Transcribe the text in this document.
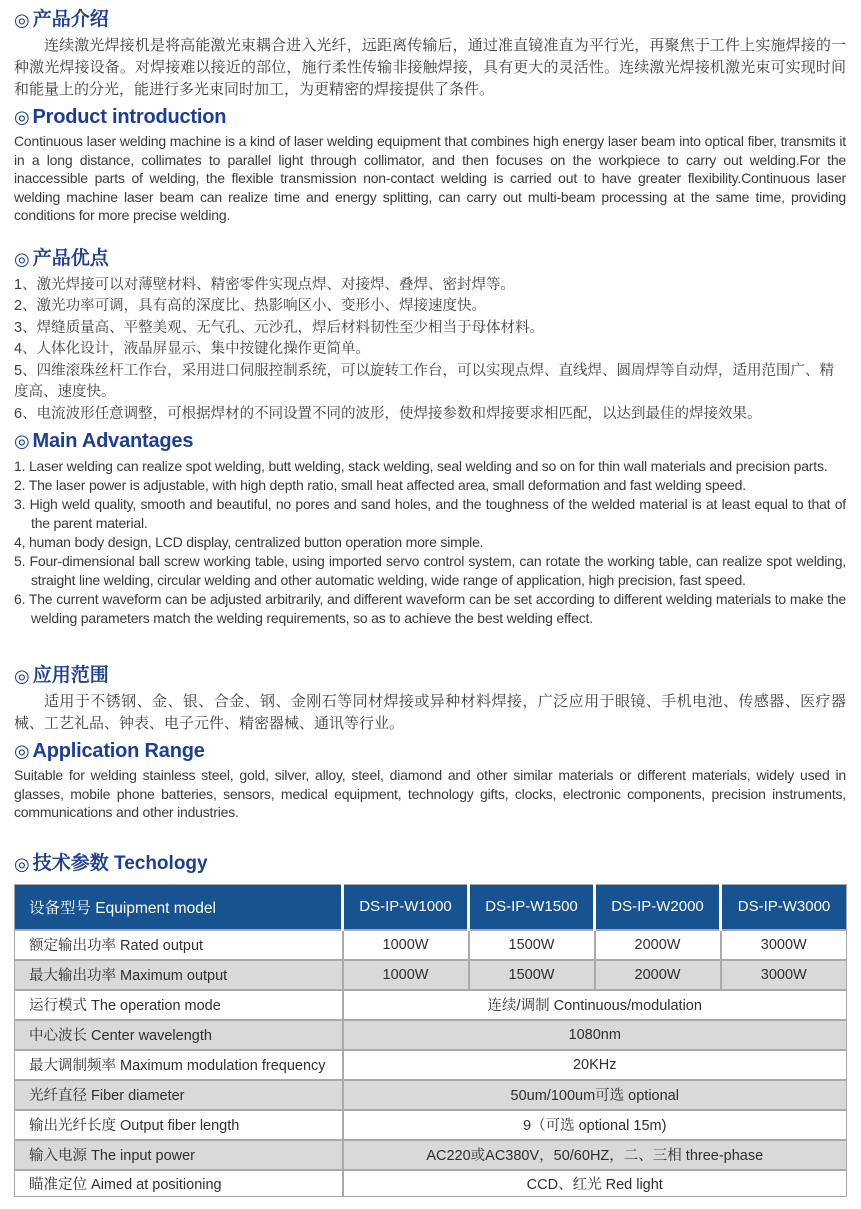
◎ 产品介绍

连续激光焊接机是将高能激光束耦合进入光纤，远距离传输后，通过准直镜准直为平行光，再聚焦于工件上实施焊接的一种激光焊接设备。对焊接难以接近的部位，施行柔性传输非接触焊接，具有更大的灵活性。连续激光焊接机激光束可实现时间和能量上的分光，能进行多光束同时加工，为更精密的焊接提供了条件。

◎ Product introduction

Continuous laser welding machine is a kind of laser welding equipment that combines high energy laser beam into optical fiber, transmits it in a long distance, collimates to parallel light through collimator, and then focuses on the workpiece to carry out welding.For the inaccessible parts of welding, the flexible transmission non-contact welding is carried out to have greater flexibility.Continuous laser welding machine laser beam can realize time and energy splitting, can carry out multi-beam processing at the same time, providing conditions for more precise welding.

◎ 产品优点
1、激光焊接可以对薄壁材料、精密零件实现点焊、对接焊、叠焊、密封焊等。
2、激光功率可调，具有高的深度比、热影响区小、变形小、焊接速度快。
3、焊缝质量高、平整美观、无气孔、元沙孔，焊后材料韧性至少相当于母体材料。
4、人体化设计，液晶屏显示、集中按键化操作更简单。
5、四维滚珠丝杆工作台，采用进口伺服控制系统，可以旋转工作台，可以实现点焊、直线焊、圆周焊等自动焊，适用范围广、精度高、速度快。
6、电流波形任意调整，可根据焊材的不同设置不同的波形，使焊接参数和焊接要求相匹配，以达到最佳的焊接效果。
◎ Main Advantages
1. Laser welding can realize spot welding, butt welding, stack welding, seal welding and so on for thin wall materials and precision parts.
2. The laser power is adjustable, with high depth ratio, small heat affected area, small deformation and fast welding speed.
3. High weld quality, smooth and beautiful, no pores and sand holes, and the toughness of the welded material is at least equal to that of the parent material.
4, human body design, LCD display, centralized button operation more simple.
5. Four-dimensional ball screw working table, using imported servo control system, can rotate the working table, can realize spot welding, straight line welding, circular welding and other automatic welding, wide range of application, high precision, fast speed.
6. The current waveform can be adjusted arbitrarily, and different waveform can be set according to different welding materials to make the welding parameters match the welding requirements, so as to achieve the best welding effect.
◎ 应用范围

适用于不锈钢、金、银、合金、钢、金刚石等同材焊接或异种材料焊接，广泛应用于眼镜、手机电池、传感器、医疗器械、工艺礼品、钟表、电子元件、精密器械、通讯等行业。

◎ Application Range

Suitable for welding stainless steel, gold, silver, alloy, steel, diamond and other similar materials or different materials, widely used in glasses, mobile phone batteries, sensors, medical equipment, technology gifts, clocks, electronic components, precision instruments, communications and other industries.

◎ 技术参数 Techology
设备型号 Equipment model	DS-IP-W1000	DS-IP-W1500	DS-IP-W2000	DS-IP-W3000
额定输出功率 Rated output	1000W	1500W	2000W	3000W
最大输出功率 Maximum output	1000W	1500W	2000W	3000W
运行模式 The operation mode	连续/调制 Continuous/modulation			
中心波长 Center wavelength	1080nm			
最大调制频率 Maximum modulation frequency	20KHz			
光纤直径 Fiber diameter	50um/100um可选 optional			
输出光纤长度 Output fiber length	9（可选 optional 15m)			
输入电源 The input power	AC220或AC380V，50/60HZ，二、三相 three-phase			
瞄准定位 Aimed at positioning	CCD、红光 Red light			
